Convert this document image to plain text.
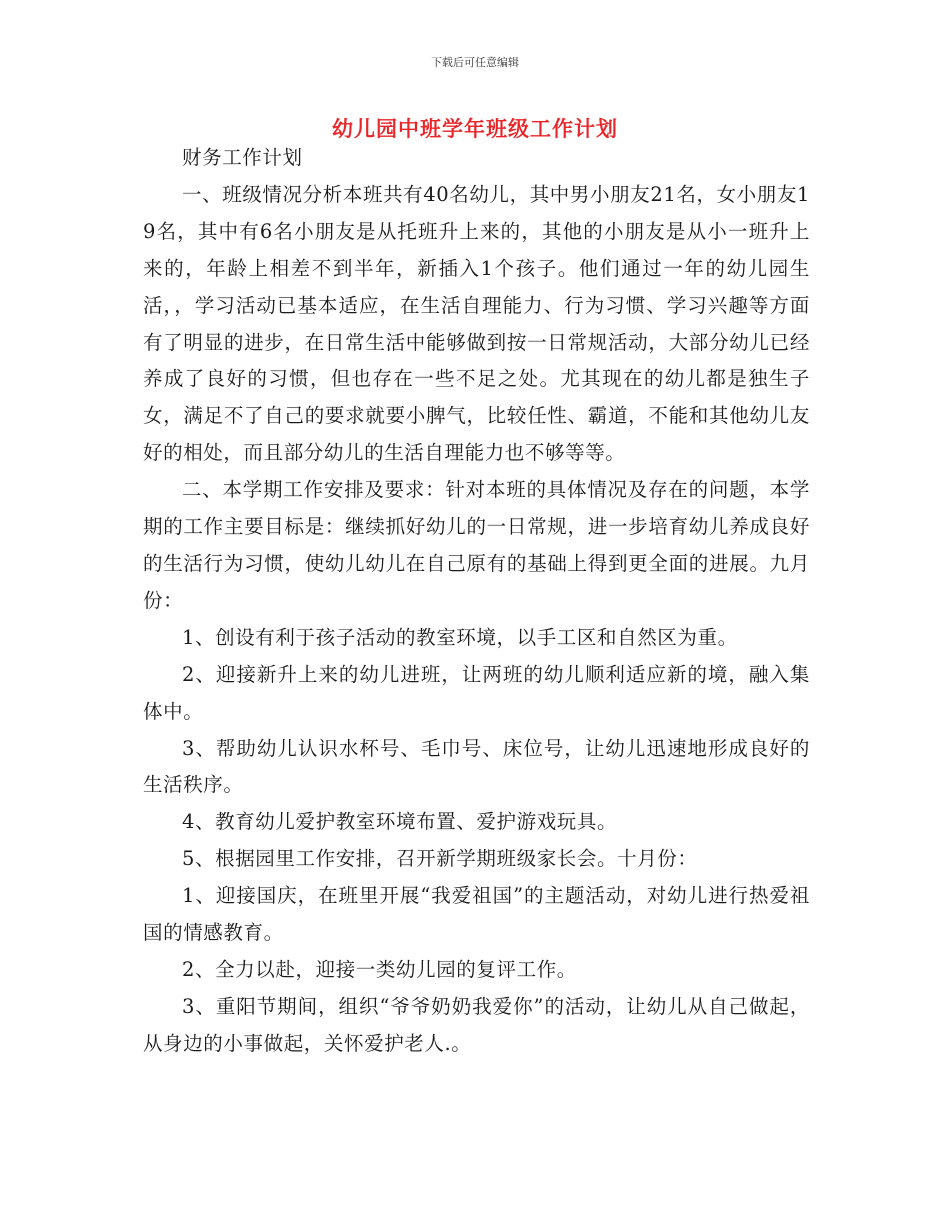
下载后可任意编辑
幼儿园中班学年班级工作计划

财务工作计划

一、班级情况分析本班共有40名幼儿，其中男小朋友21名，女小朋友19名，其中有6名小朋友是从托班升上来的，其他的小朋友是从小一班升上来的，年龄上相差不到半年，新插入1个孩子。他们通过一年的幼儿园生活，，学习活动已基本适应，在生活自理能力、行为习惯、学习兴趣等方面有了明显的进步，在日常生活中能够做到按一日常规活动，大部分幼儿已经养成了良好的习惯，但也存在一些不足之处。尤其现在的幼儿都是独生子女，满足不了自己的要求就要小脾气，比较任性、霸道，不能和其他幼儿友好的相处，而且部分幼儿的生活自理能力也不够等等。

二、本学期工作安排及要求：针对本班的具体情况及存在的问题，本学期的工作主要目标是：继续抓好幼儿的一日常规，进一步培育幼儿养成良好的生活行为习惯，使幼儿幼儿在自己原有的基础上得到更全面的进展。九月份：

1、创设有利于孩子活动的教室环境，以手工区和自然区为重。

2、迎接新升上来的幼儿进班，让两班的幼儿顺利适应新的境，融入集体中。

3、帮助幼儿认识水杯号、毛巾号、床位号，让幼儿迅速地形成良好的生活秩序。

4、教育幼儿爱护教室环境布置、爱护游戏玩具。

5、根据园里工作安排，召开新学期班级家长会。十月份：

1、迎接国庆，在班里开展“我爱祖国”的主题活动，对幼儿进行热爱祖国的情感教育。

2、全力以赴，迎接一类幼儿园的复评工作。

3、重阳节期间，组织“爷爷奶奶我爱你”的活动，让幼儿从自己做起，从身边的小事做起，关怀爱护老人.。
